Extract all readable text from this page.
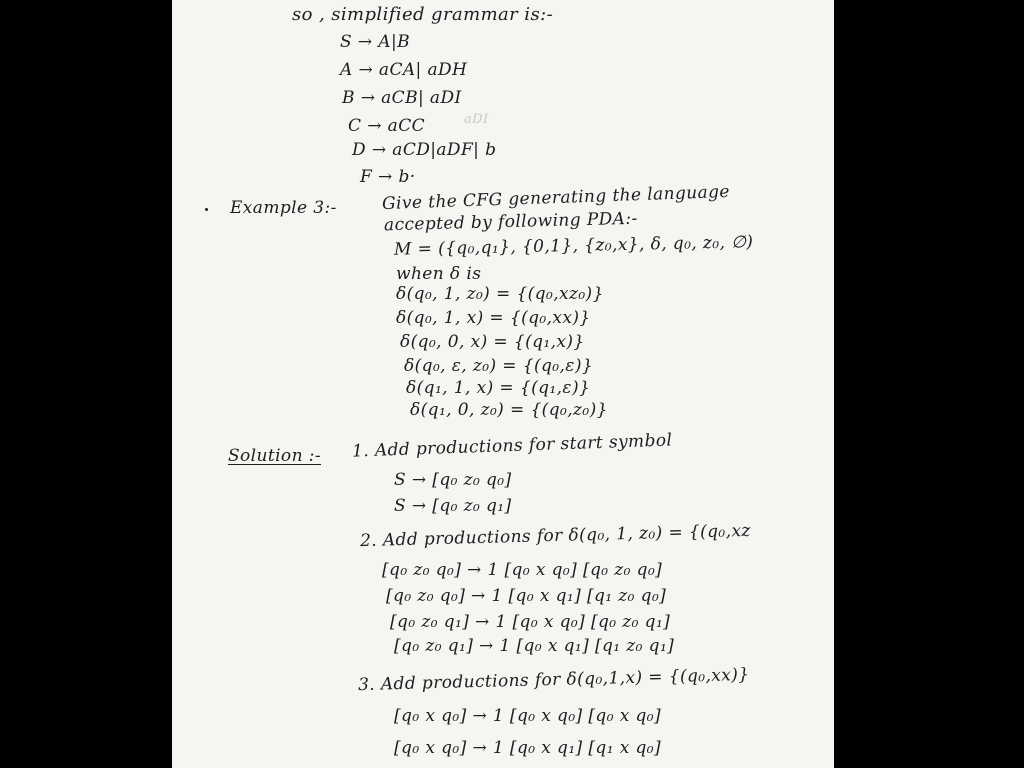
so , simplified grammar is:-
S → A|B
A → aCA| aDH
B → aCB| aDI
C → aCC	aDI
D → aCD|aDF| b
F → b·
Example 3:-	Give the CFG generating the language
accepted by following PDA:-
M = ({q₀,q₁}, {0,1}, {z₀,x}, δ, q₀, z₀, ∅)
when δ is
δ(q₀, 1, z₀) = {(q₀,xz₀)}
δ(q₀, 1, x) = {(q₀,xx)}
δ(q₀, 0, x) = {(q₁,x)}
δ(q₀, ε, z₀) = {(q₀,ε)}
δ(q₁, 1, x) = {(q₁,ε)}
δ(q₁, 0, z₀) = {(q₀,z₀)}
Solution :- 1. Add productions for start symbol
S → [q₀ z₀ q₀]
S → [q₀ z₀ q₁]
2. Add productions for δ(q₀, 1, z₀) = {(q₀,xz
[q₀ z₀ q₀] → 1 [q₀ x q₀] [q₀ z₀ q₀]
[q₀ z₀ q₀] → 1 [q₀ x q₁] [q₁ z₀ q₀]
[q₀ z₀ q₁] → 1 [q₀ x q₀] [q₀ z₀ q₁]
[q₀ z₀ q₁] → 1 [q₀ x q₁] [q₁ z₀ q₁]
3. Add productions for δ(q₀,1,x) = {(q₀,xx)}
[q₀ x q₀] → 1 [q₀ x q₀] [q₀ x q₀]
[q₀ x q₀] → 1 [q₀ x q₁] [q₁ x q₀]
